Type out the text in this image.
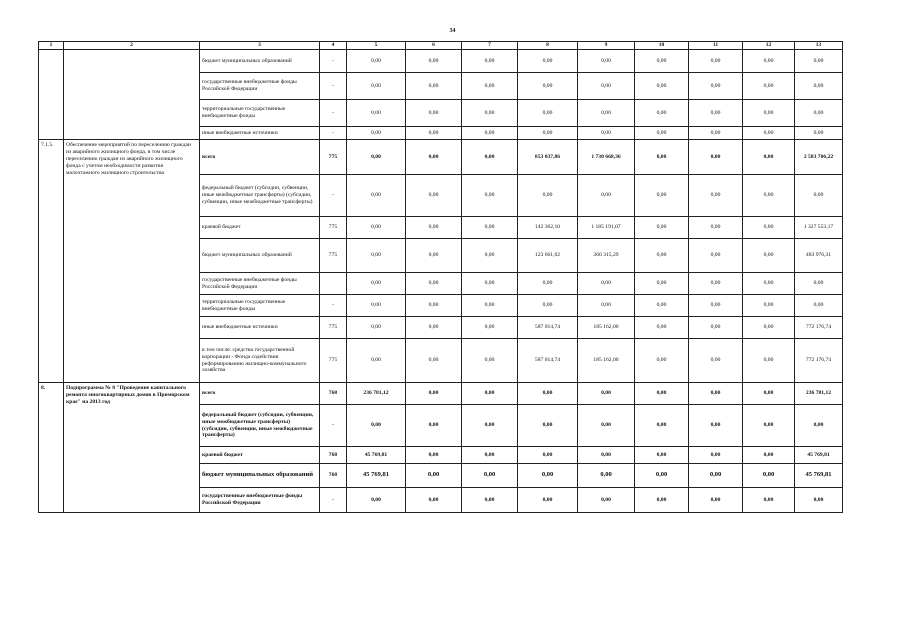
34
1	2	3	4	5	6	7	8	9	10	11	12	13
		бюджет муниципальных образований	-	0,00	0,00	0,00	0,00	0,00	0,00	0,00	0,00	0,00
		государственные внебюджетные фонды Российской Федерации	-	0,00	0,00	0,00	0,00	0,00	0,00	0,00	0,00	0,00
		территориальные государственные внебюджетные фонды	-	0,00	0,00	0,00	0,00	0,00	0,00	0,00	0,00	0,00
		иные внебюджетные источники	-	0,00	0,00	0,00	0,00	0,00	0,00	0,00	0,00	0,00
7.1.5.	Обеспечение мероприятий по переселению граждан из аварийного жилищного фонда, в том числе переселению граждан из аварийного жилищного фонда с учетом необходимости развития малоэтажного жилищного строительства	всего	775	0,00	0,00	0,00	853 037,86	1 730 668,36	0,00	0,00	0,00	2 583 706,22
		федеральный бюджет (субсидии, субвенции, иные межбюджетные трансферты) (субсидии, субвенции, иные межбюджетные трансферты)	-	0,00	0,00	0,00	0,00	0,00	0,00	0,00	0,00	0,00
		краевой бюджет	775	0,00	0,00	0,00	142 362,10	1 185 191,07	0,00	0,00	0,00	1 327 553,17
		бюджет муниципальных образований	775	0,00	0,00	0,00	123 661,02	360 315,29	0,00	0,00	0,00	483 976,31
		государственные внебюджетные фонды Российской Федерации		0,00	0,00	0,00	0,00	0,00	0,00	0,00	0,00	0,00
		территориальные государственные внебюджетные фонды	-	0,00	0,00	0,00	0,00	0,00	0,00	0,00	0,00	0,00
		иные внебюджетные источники	775	0,00	0,00	0,00	587 014,74	185 162,00	0,00	0,00	0,00	772 176,74
		в том числе: средства государственной корпорации - Фонда содействия реформированию жилищно-коммунального хозяйства	775	0,00	0,00	0,00	587 014,74	185 162,00	0,00	0,00	0,00	772 176,74
8.	Подпрограмма № 8 "Проведение капитального ремонта многоквартирных домов в Приморском крае" на 2013 год	всего	768	236 781,12	0,00	0,00	0,00	0,00	0,00	0,00	0,00	236 781,12
		федеральный бюджет (субсидии, субвенции, иные межбюджетные трансферты) (субсидии, субвенции, иные межбюджетные трансферты)	-	0,00	0,00	0,00	0,00	0,00	0,00	0,00	0,00	0,00
		краевой бюджет	768	45 769,81	0,00	0,00	0,00	0,00	0,00	0,00	0,00	45 769,81
		бюджет муниципальных образований	768	45 769,81	0,00	0,00	0,00	0,00	0,00	0,00	0,00	45 769,81
		государственные внебюджетные фонды Российской Федерации	-	0,00	0,00	0,00	0,00	0,00	0,00	0,00	0,00	0,00
